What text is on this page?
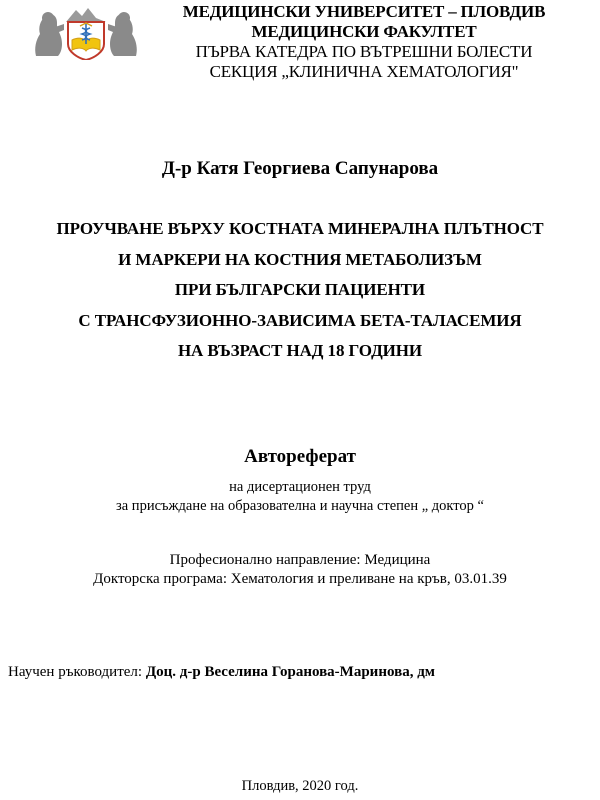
МЕДИЦИНСКИ УНИВЕРСИТЕТ – ПЛОВДИВ
МЕДИЦИНСКИ ФАКУЛТЕТ
ПЪРВА КАТЕДРА ПО ВЪТРЕШНИ БОЛЕСТИ
СЕКЦИЯ „КЛИНИЧНА ХЕМАТОЛОГИЯ"
Д-р Катя Георгиева Сапунарова
ПРОУЧВАНЕ ВЪРХУ КОСТНАТА МИНЕРАЛНА ПЛЪТНОСТ
И МАРКЕРИ НА КОСТНИЯ МЕТАБОЛИЗЪМ
ПРИ БЪЛГАРСКИ ПАЦИЕНТИ
С ТРАНСФУЗИОННО-ЗАВИСИМА БЕТА-ТАЛАСЕМИЯ
НА ВЪЗРАСТ НАД 18 ГОДИНИ
Автореферат
на дисертационен труд
за присъждане на образователна и научна степен „ доктор “
Професионално направление: Медицина
Докторска програма: Хематология и преливане на кръв, 03.01.39
Научен ръководител: Доц. д-р Веселина Горанова-Маринова, дм
Пловдив, 2020 год.
